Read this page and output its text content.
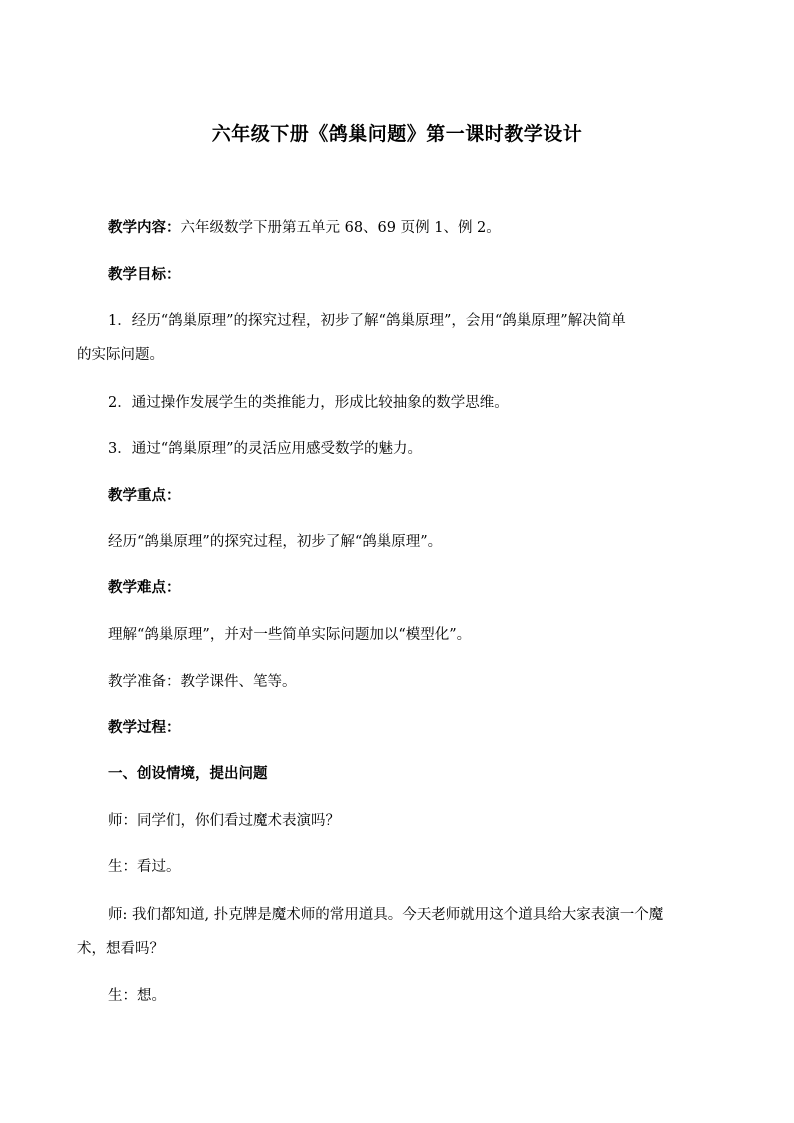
六年级下册《鸽巢问题》第一课时教学设计
教学内容：六年级数学下册第五单元 68、69 页例 1、例 2。
教学目标：
1．经历“鸽巢原理”的探究过程，初步了解“鸽巢原理”，会用“鸽巢原理”解决简单
的实际问题。
2．通过操作发展学生的类推能力，形成比较抽象的数学思维。
3．通过“鸽巢原理”的灵活应用感受数学的魅力。
教学重点：
经历“鸽巢原理”的探究过程，初步了解“鸽巢原理”。
教学难点：
理解“鸽巢原理”，并对一些简单实际问题加以“模型化”。
教学准备：教学课件、笔等。
教学过程：
一、创设情境，提出问题
师：同学们，你们看过魔术表演吗？
生：看过。
师: 我们都知道, 扑克牌是魔术师的常用道具。今天老师就用这个道具给大家表演一个魔
术，想看吗？
生：想。
